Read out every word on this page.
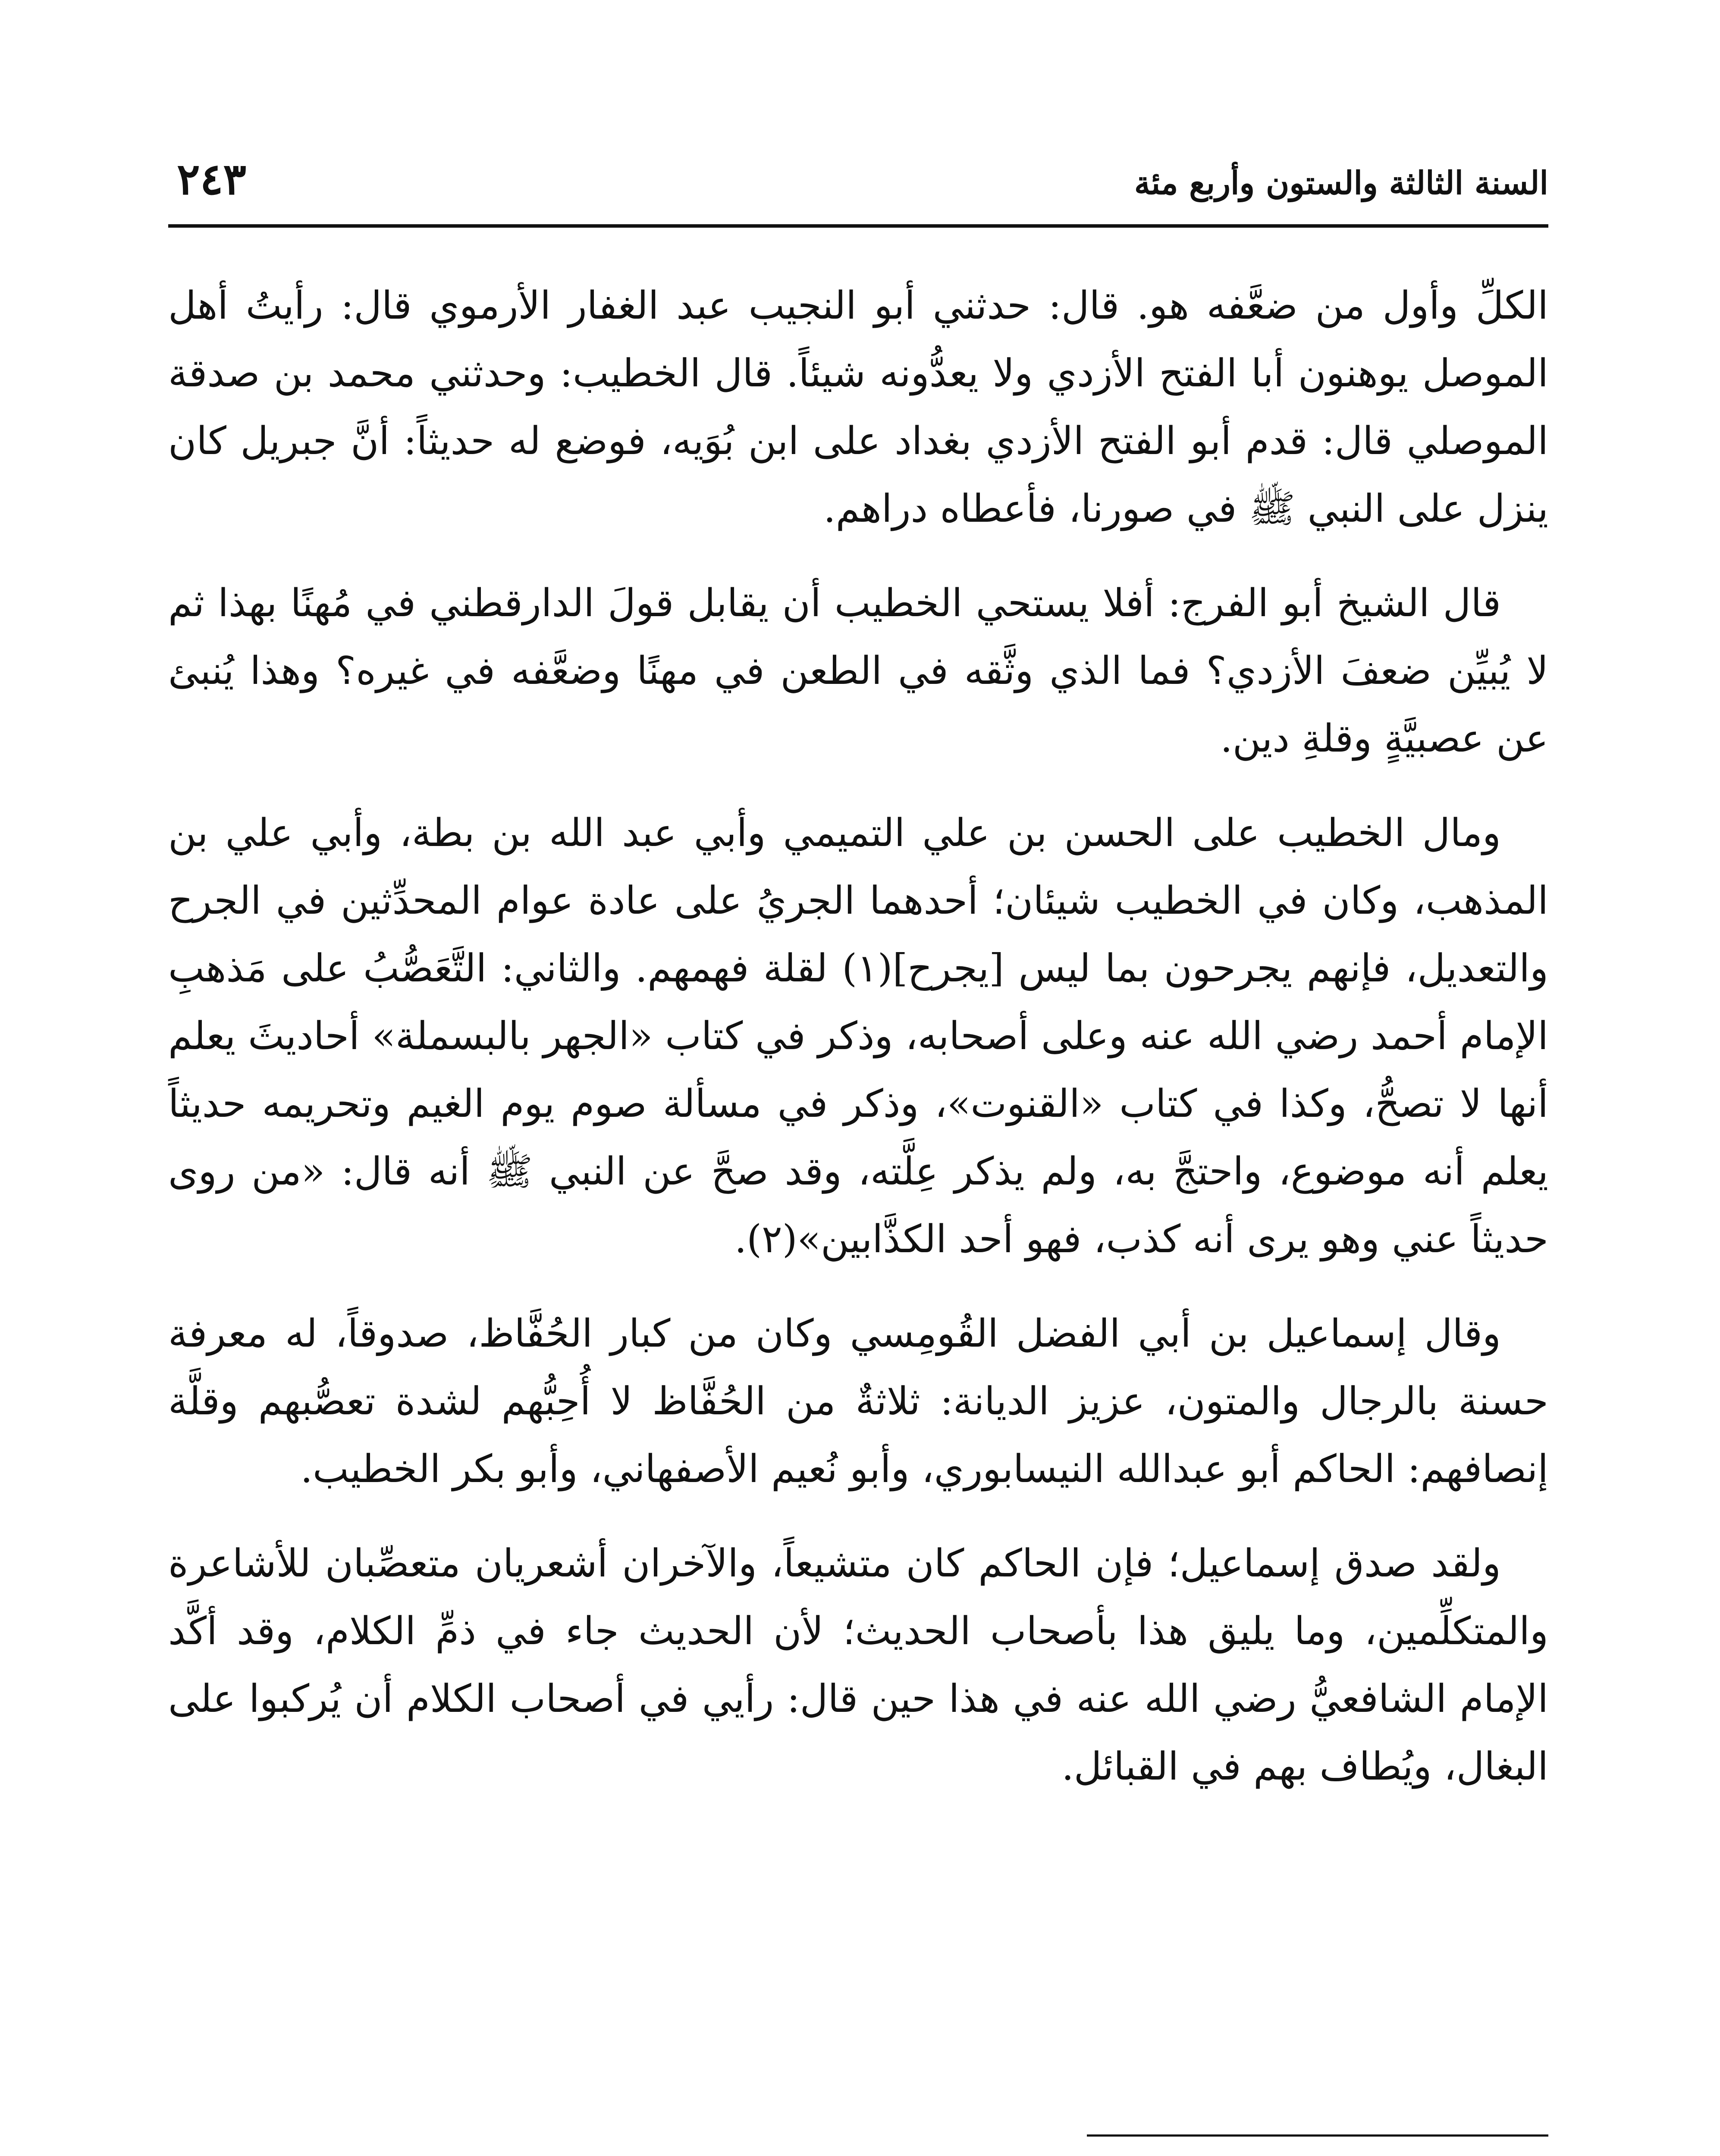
السنة الثالثة والستون وأربع مئة
٢٤٣

الكلِّ وأول من ضعَّفه هو. قال: حدثني أبو النجيب عبد الغفار الأرموي قال: رأيتُ أهل الموصل يوهنون أبا الفتح الأزدي ولا يعدُّونه شيئاً. قال الخطيب: وحدثني محمد بن صدقة الموصلي قال: قدم أبو الفتح الأزدي بغداد على ابن بُوَيه، فوضع له حديثاً: أنَّ جبريل كان ينزل على النبي ﷺ في صورنا، فأعطاه دراهم.

قال الشيخ أبو الفرج: أفلا يستحي الخطيب أن يقابل قولَ الدارقطني في مُهنًا بهذا ثم لا يُبيِّن ضعفَ الأزدي؟ فما الذي وثَّقه في الطعن في مهنًا وضعَّفه في غيره؟ وهذا يُنبئ عن عصبيَّةٍ وقلةِ دين.

ومال الخطيب على الحسن بن علي التميمي وأبي عبد الله بن بطة، وأبي علي بن المذهب، وكان في الخطيب شيئان؛ أحدهما الجريُ على عادة عوام المحدِّثين في الجرح والتعديل، فإنهم يجرحون بما ليس [يجرح](١) لقلة فهمهم. والثاني: التَّعَصُّبُ على مَذهبِ الإمام أحمد رضي الله عنه وعلى أصحابه، وذكر في كتاب «الجهر بالبسملة» أحاديثَ يعلم أنها لا تصحُّ، وكذا في كتاب «القنوت»، وذكر في مسألة صوم يوم الغيم وتحريمه حديثاً يعلم أنه موضوع، واحتجَّ به، ولم يذكر عِلَّته، وقد صحَّ عن النبي ﷺ أنه قال: «من روى حديثاً عني وهو يرى أنه كذب، فهو أحد الكذَّابين»(٢).

وقال إسماعيل بن أبي الفضل القُومِسي وكان من كبار الحُفَّاظ، صدوقاً، له معرفة حسنة بالرجال والمتون، عزيز الديانة: ثلاثةٌ من الحُفَّاظ لا أُحِبُّهم لشدة تعصُّبهم وقلَّة إنصافهم: الحاكم أبو عبدالله النيسابوري، وأبو نُعيم الأصفهاني، وأبو بكر الخطيب.

ولقد صدق إسماعيل؛ فإن الحاكم كان متشيعاً، والآخران أشعريان متعصِّبان للأشاعرة والمتكلِّمين، وما يليق هذا بأصحاب الحديث؛ لأن الحديث جاء في ذمِّ الكلام، وقد أكَّد الإمام الشافعيُّ رضي الله عنه في هذا حين قال: رأيي في أصحاب الكلام أن يُركبوا على البغال، ويُطاف بهم في القبائل.
